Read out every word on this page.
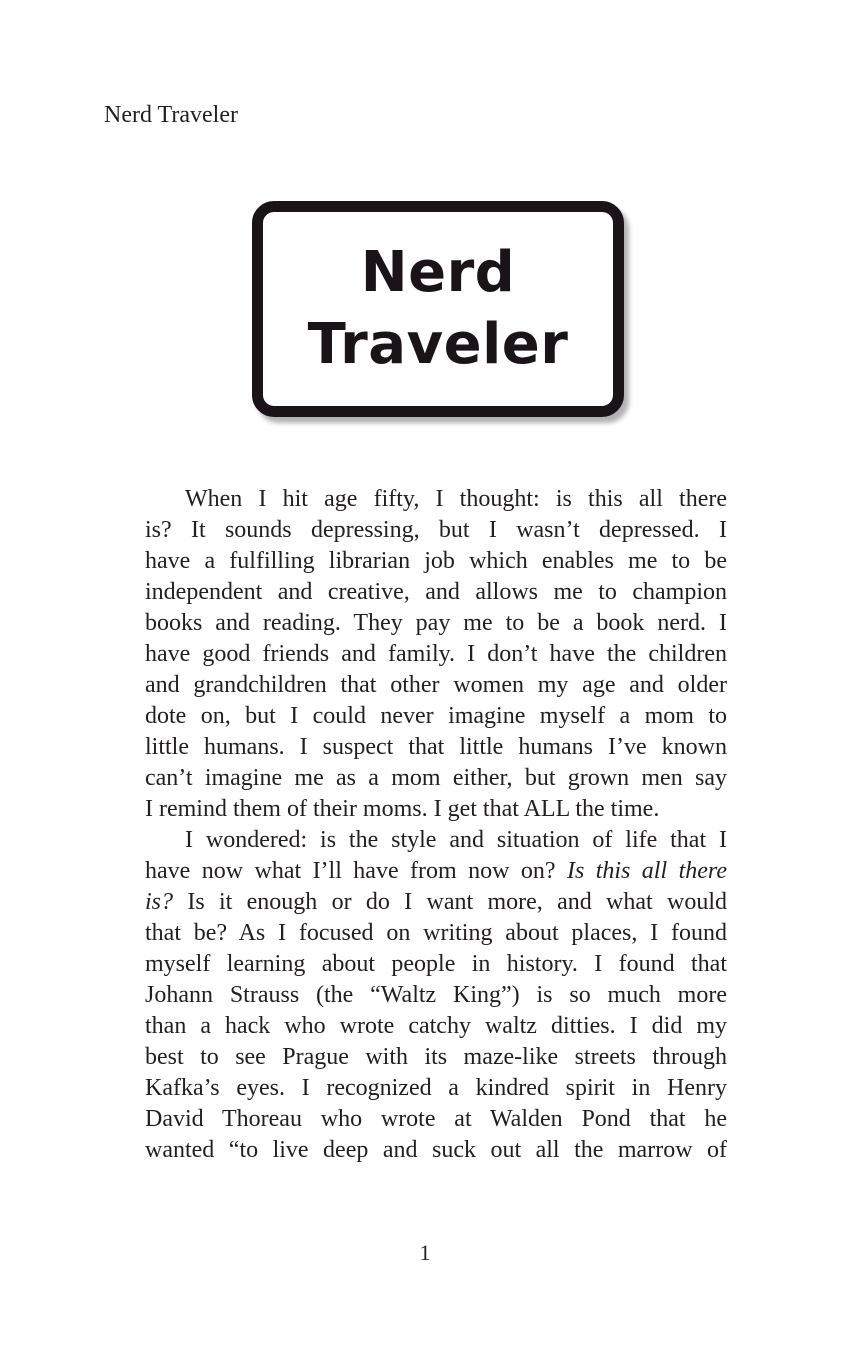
Nerd Traveler
Nerd
Traveler
When I hit age fifty, I thought: is this all there
is? It sounds depressing, but I wasn’t depressed. I
have a fulfilling librarian job which enables me to be
independent and creative, and allows me to champion
books and reading. They pay me to be a book nerd. I
have good friends and family. I don’t have the children
and grandchildren that other women my age and older
dote on, but I could never imagine myself a mom to
little humans. I suspect that little humans I’ve known
can’t imagine me as a mom either, but grown men say
I remind them of their moms. I get that ALL the time.
I wondered: is the style and situation of life that I
have now what I’ll have from now on? Is this all there
is? Is it enough or do I want more, and what would
that be? As I focused on writing about places, I found
myself learning about people in history. I found that
Johann Strauss (the “Waltz King”) is so much more
than a hack who wrote catchy waltz ditties. I did my
best to see Prague with its maze-like streets through
Kafka’s eyes. I recognized a kindred spirit in Henry
David Thoreau who wrote at Walden Pond that he
wanted “to live deep and suck out all the marrow of
1
